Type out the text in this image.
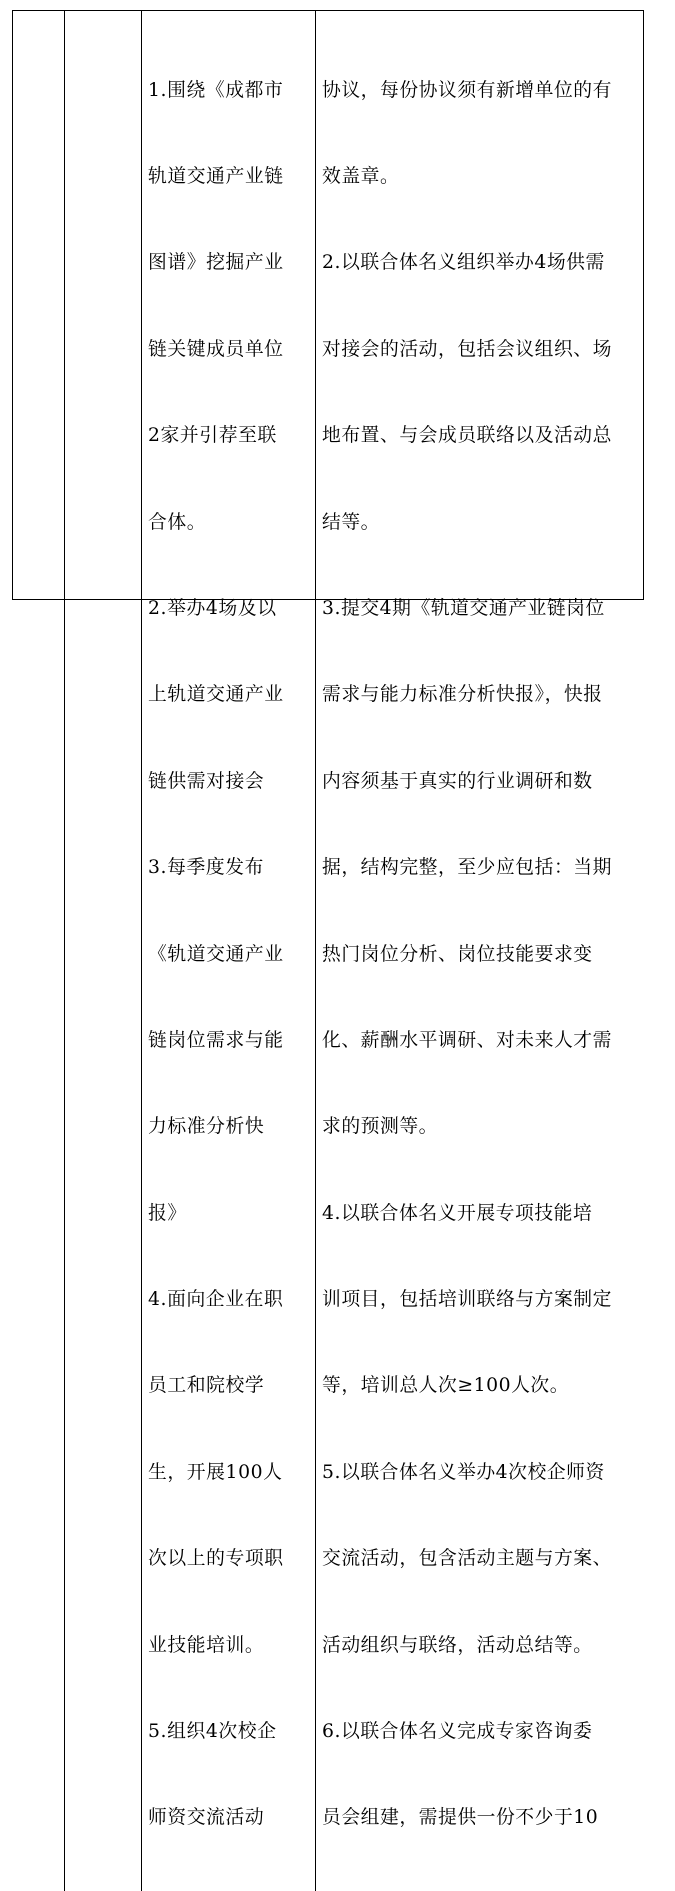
1.围绕《成都市

轨道交通产业链

图谱》挖掘产业

链关键成员单位

2家并引荐至联

合体。

2.举办4场及以

上轨道交通产业

链供需对接会

3.每季度发布

《轨道交通产业

链岗位需求与能

力标准分析快

报》

4.面向企业在职

员工和院校学

生，开展100人

次以上的专项职

业技能培训。

5.组织4次校企

师资交流活动

协议，每份协议须有新增单位的有

效盖章。

2.以联合体名义组织举办4场供需

对接会的活动，包括会议组织、场

地布置、与会成员联络以及活动总

结等。

3.提交4期《轨道交通产业链岗位

需求与能力标准分析快报》，快报

内容须基于真实的行业调研和数

据，结构完整，至少应包括：当期

热门岗位分析、岗位技能要求变

化、薪酬水平调研、对未来人才需

求的预测等。

4.以联合体名义开展专项技能培

训项目，包括培训联络与方案制定

等，培训总人次≥100人次。

5.以联合体名义举办4次校企师资

交流活动，包含活动主题与方案、

活动组织与联络，活动总结等。

6.以联合体名义完成专家咨询委

员会组建，需提供一份不少于10
